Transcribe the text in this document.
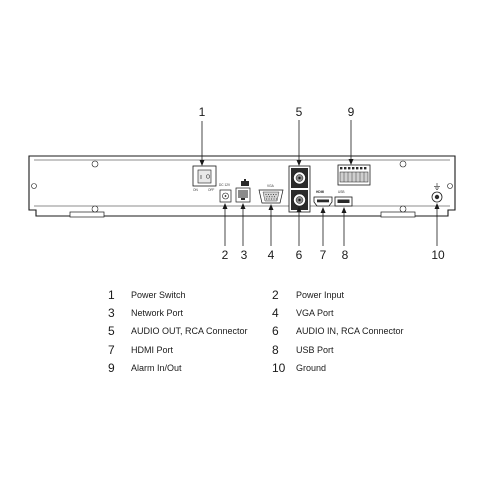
ON	OFF
DC 12V	VGA
HDMI	USB
1	5	9
2 3 4 6 7 8	10
1 Power Switch	2 Power Input
3 Network Port	4 VGA Port
5 AUDIO OUT, RCA Connector 6 AUDIO IN, RCA Connector
7 HDMI Port	8 USB Port
9 Alarm In/Out	10 Ground
